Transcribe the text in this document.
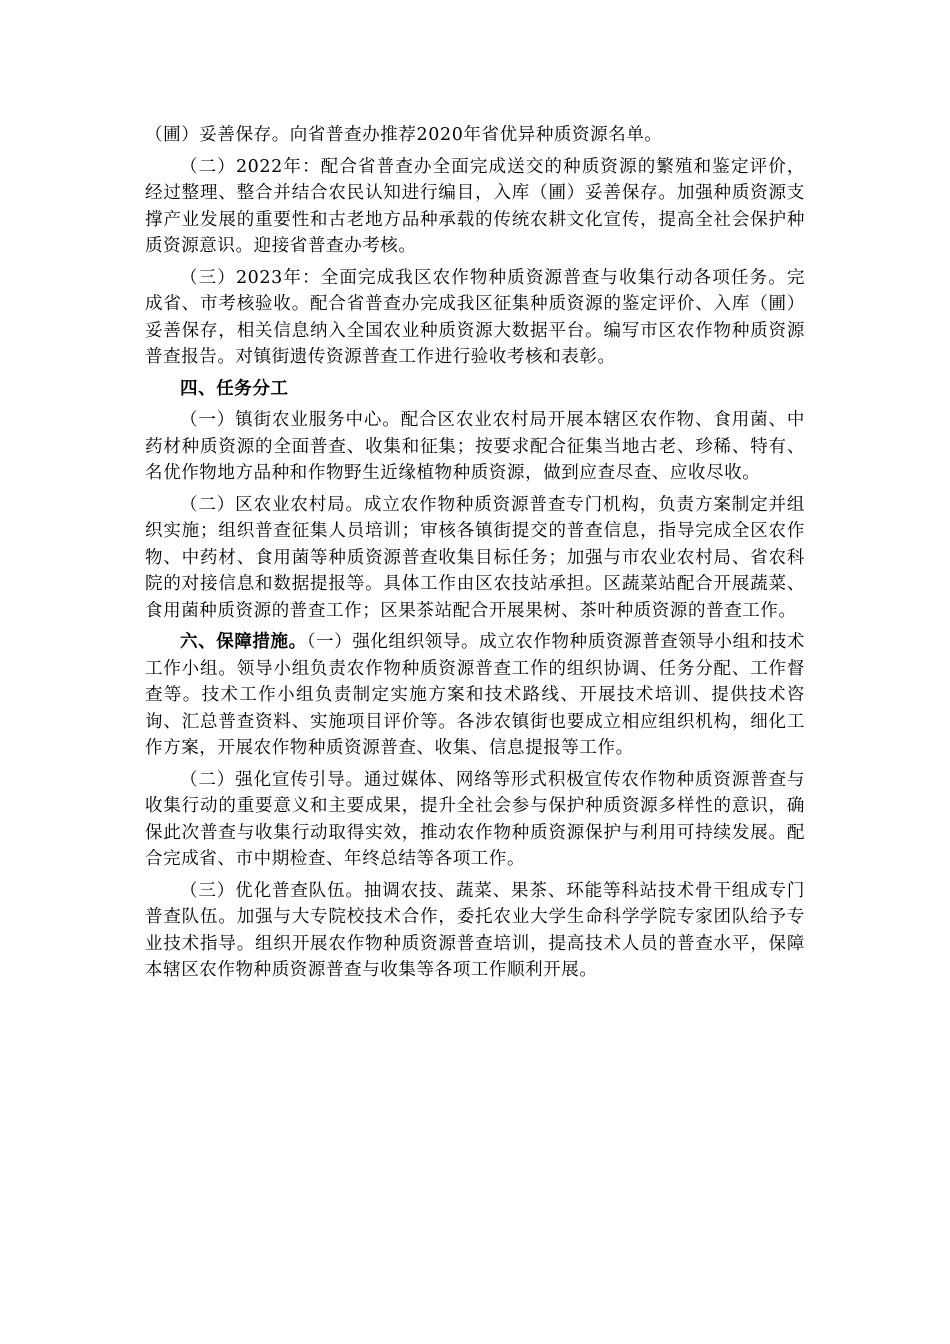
（圃）妥善保存。向省普查办推荐2020年省优异种质资源名单。

（二）2022年：配合省普查办全面完成送交的种质资源的繁殖和鉴定评价，经过整理、整合并结合农民认知进行编目，入库（圃）妥善保存。加强种质资源支撑产业发展的重要性和古老地方品种承载的传统农耕文化宣传，提高全社会保护种质资源意识。迎接省普查办考核。

（三）2023年：全面完成我区农作物种质资源普查与收集行动各项任务。完成省、市考核验收。配合省普查办完成我区征集种质资源的鉴定评价、入库（圃）妥善保存，相关信息纳入全国农业种质资源大数据平台。编写市区农作物种质资源普查报告。对镇街遗传资源普查工作进行验收考核和表彰。

四、任务分工

（一）镇街农业服务中心。配合区农业农村局开展本辖区农作物、食用菌、中药材种质资源的全面普查、收集和征集；按要求配合征集当地古老、珍稀、特有、名优作物地方品种和作物野生近缘植物种质资源，做到应查尽查、应收尽收。

（二）区农业农村局。成立农作物种质资源普查专门机构，负责方案制定并组织实施；组织普查征集人员培训；审核各镇街提交的普查信息，指导完成全区农作物、中药材、食用菌等种质资源普查收集目标任务；加强与市农业农村局、省农科院的对接信息和数据提报等。具体工作由区农技站承担。区蔬菜站配合开展蔬菜、食用菌种质资源的普查工作；区果茶站配合开展果树、茶叶种质资源的普查工作。

六、保障措施。（一）强化组织领导。成立农作物种质资源普查领导小组和技术工作小组。领导小组负责农作物种质资源普查工作的组织协调、任务分配、工作督查等。技术工作小组负责制定实施方案和技术路线、开展技术培训、提供技术咨询、汇总普查资料、实施项目评价等。各涉农镇街也要成立相应组织机构，细化工作方案，开展农作物种质资源普查、收集、信息提报等工作。

（二）强化宣传引导。通过媒体、网络等形式积极宣传农作物种质资源普查与收集行动的重要意义和主要成果，提升全社会参与保护种质资源多样性的意识，确保此次普查与收集行动取得实效，推动农作物种质资源保护与利用可持续发展。配合完成省、市中期检查、年终总结等各项工作。

（三）优化普查队伍。抽调农技、蔬菜、果茶、环能等科站技术骨干组成专门普查队伍。加强与大专院校技术合作，委托农业大学生命科学学院专家团队给予专业技术指导。组织开展农作物种质资源普查培训，提高技术人员的普查水平，保障本辖区农作物种质资源普查与收集等各项工作顺利开展。
